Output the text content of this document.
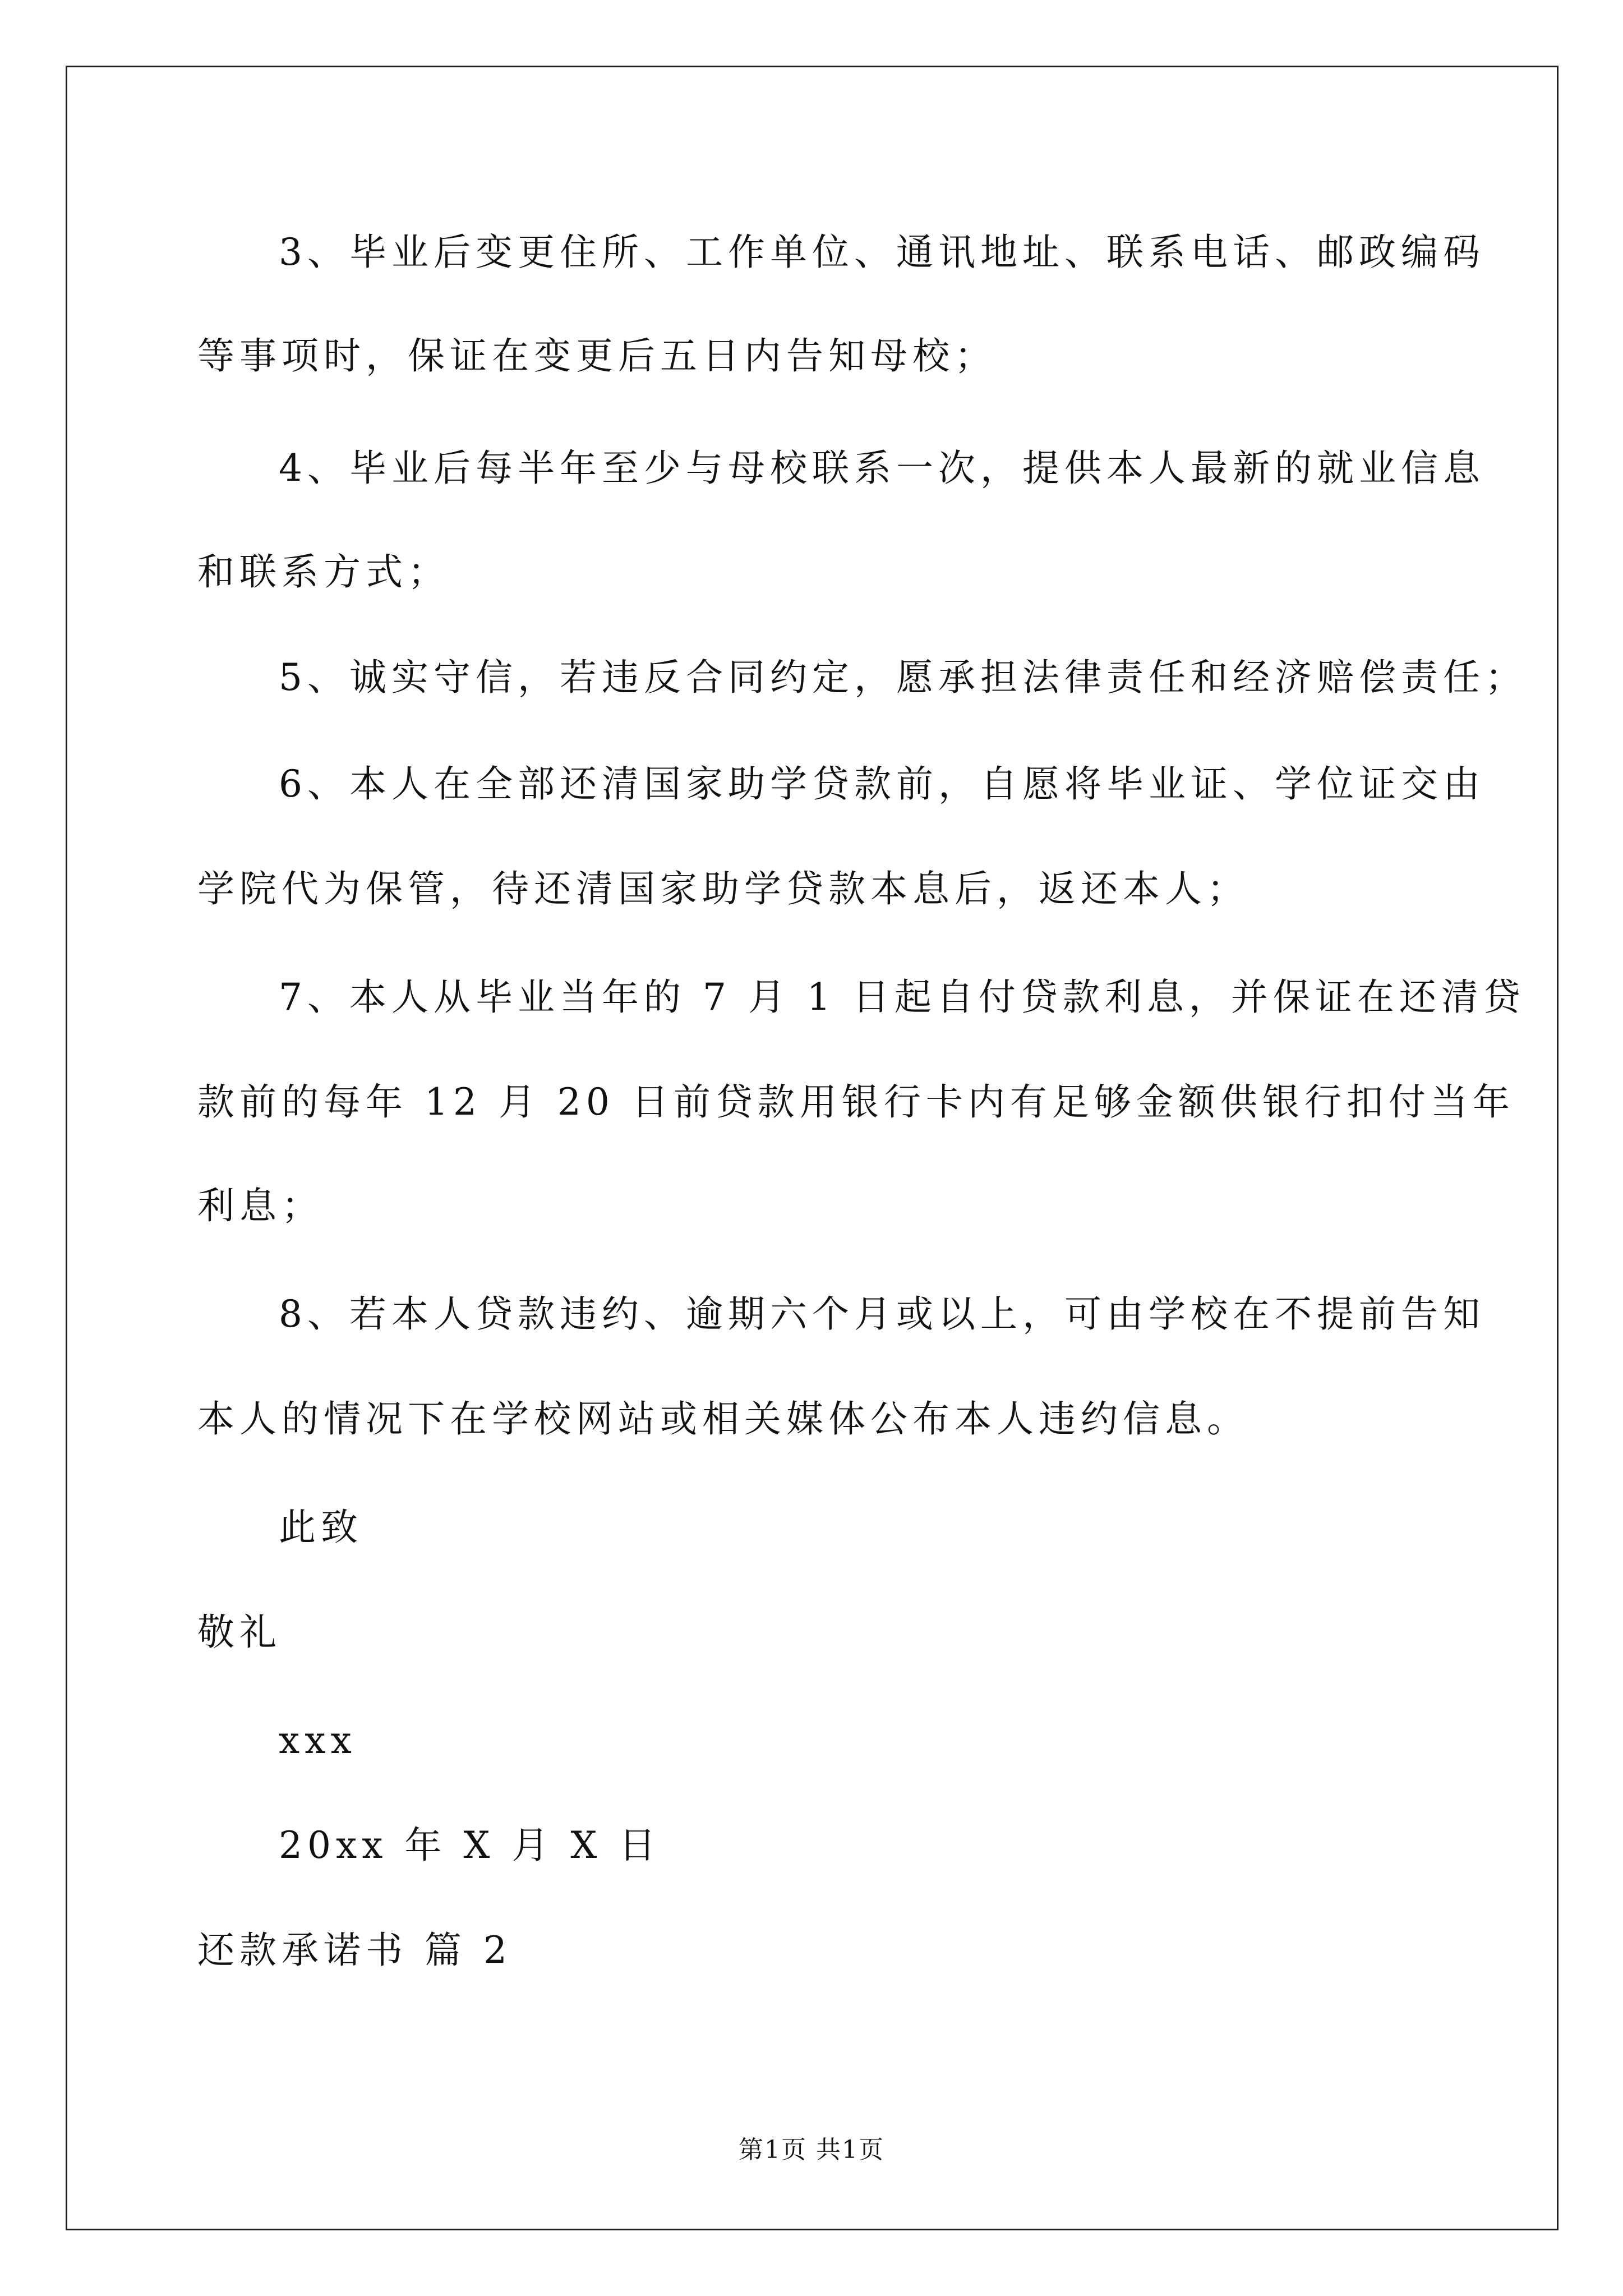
3、毕业后变更住所、工作单位、通讯地址、联系电话、邮政编码
等事项时，保证在变更后五日内告知母校；
4、毕业后每半年至少与母校联系一次，提供本人最新的就业信息
和联系方式；
5、诚实守信，若违反合同约定，愿承担法律责任和经济赔偿责任；
6、本人在全部还清国家助学贷款前，自愿将毕业证、学位证交由
学院代为保管，待还清国家助学贷款本息后，返还本人；
7、本人从毕业当年的 7 月 1 日起自付贷款利息，并保证在还清贷
款前的每年 12 月 20 日前贷款用银行卡内有足够金额供银行扣付当年
利息；
8、若本人贷款违约、逾期六个月或以上，可由学校在不提前告知
本人的情况下在学校网站或相关媒体公布本人违约信息。
此致
敬礼
xxx
20xx 年 X 月 X 日
还款承诺书 篇 2
第1页 共1页
